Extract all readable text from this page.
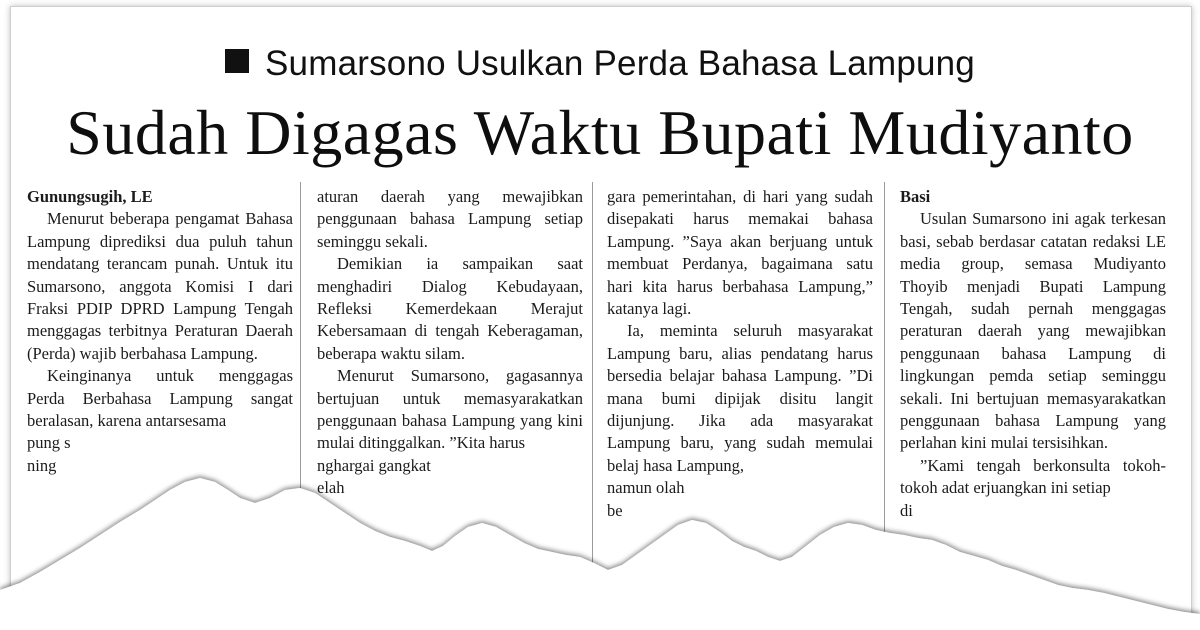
Sumarsono Usulkan Perda Bahasa Lampung
Sudah Digagas Waktu Bupati Mudiyanto

Gunungsugih, LE

Menurut beberapa pengamat Bahasa Lampung diprediksi dua puluh tahun mendatang terancam punah. Untuk itu Sumarsono, anggota Komisi I dari Fraksi PDIP DPRD Lampung Tengah menggagas terbitnya Peraturan Daerah (Perda) wajib berbahasa Lampung.

Keinginanya untuk menggagas Perda Berbahasa Lampung sangat beralasan, karena antarsesama

pung s

ning

aturan daerah yang mewajibkan penggunaan bahasa Lampung setiap seminggu sekali.

Demikian ia sampaikan saat menghadiri Dialog Kebudayaan, Refleksi Kemerdekaan Merajut Kebersamaan di tengah Keberagaman, beberapa waktu silam.

Menurut Sumarsono, gagasannya bertujuan untuk memasyarakatkan penggunaan bahasa Lampung yang kini mulai ditinggalkan. ”Kita harus

nghargai gangkat

elah

gara pemerintahan, di hari yang sudah disepakati harus memakai bahasa Lampung. ”Saya akan berjuang untuk membuat Perdanya, bagaimana satu hari kita harus berbahasa Lampung,” katanya lagi.

Ia, meminta seluruh masyarakat Lampung baru, alias pendatang harus bersedia belajar bahasa Lampung. ”Di mana bumi dipijak disitu langit dijunjung. Jika ada masyarakat Lampung baru, yang sudah memulai belaj hasa Lampung,

namun olah

be

Basi

Usulan Sumarsono ini agak terkesan basi, sebab berdasar catatan redaksi LE media group, semasa Mudiyanto Thoyib menjadi Bupati Lampung Tengah, sudah pernah menggagas peraturan daerah yang mewajibkan penggunaan bahasa Lampung di lingkungan pemda setiap seminggu sekali. Ini bertujuan memasyarakatkan penggunaan bahasa Lampung yang perlahan kini mulai tersisihkan.

”Kami tengah berkonsulta tokoh-tokoh adat erjuangkan ini setiap

di
